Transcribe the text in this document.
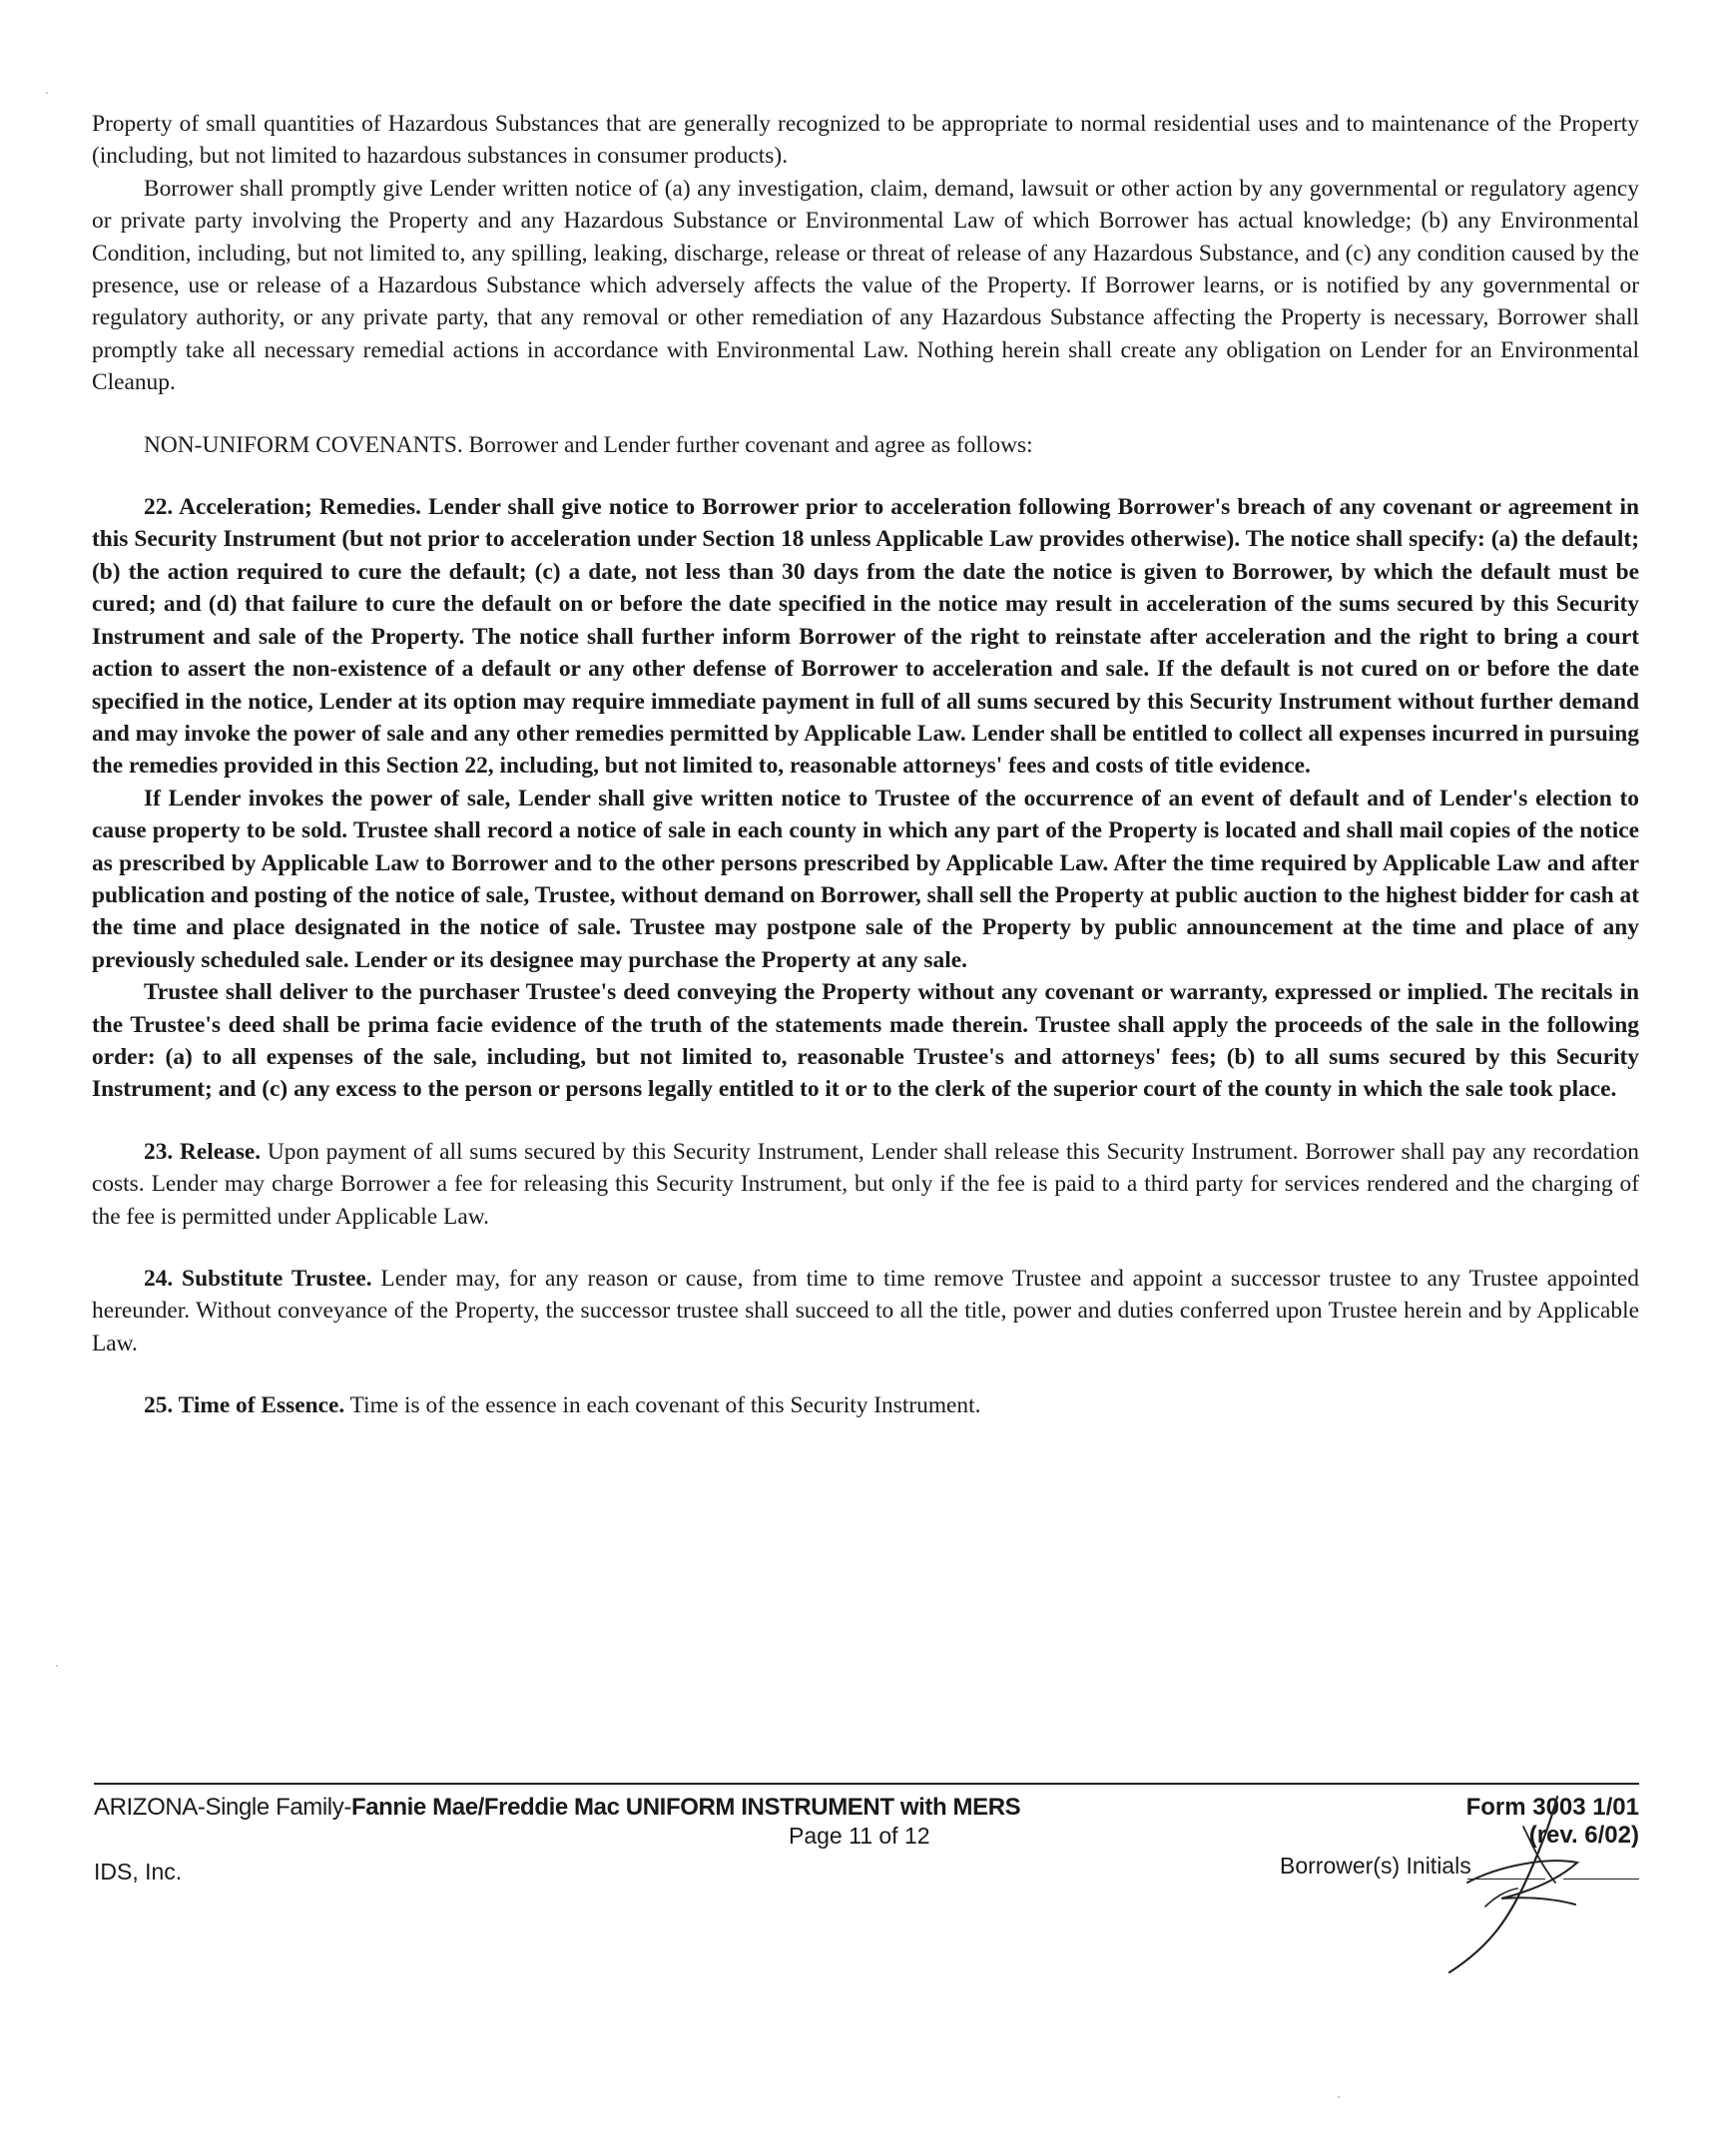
Property of small quantities of Hazardous Substances that are generally recognized to be appropriate to normal residential uses and to maintenance of the Property (including, but not limited to hazardous substances in consumer products).

Borrower shall promptly give Lender written notice of (a) any investigation, claim, demand, lawsuit or other action by any governmental or regulatory agency or private party involving the Property and any Hazardous Substance or Environmental Law of which Borrower has actual knowledge; (b) any Environmental Condition, including, but not limited to, any spilling, leaking, discharge, release or threat of release of any Hazardous Substance, and (c) any condition caused by the presence, use or release of a Hazardous Substance which adversely affects the value of the Property. If Borrower learns, or is notified by any governmental or regulatory authority, or any private party, that any removal or other remediation of any Hazardous Substance affecting the Property is necessary, Borrower shall promptly take all necessary remedial actions in accordance with Environmental Law. Nothing herein shall create any obligation on Lender for an Environmental Cleanup.

NON-UNIFORM COVENANTS. Borrower and Lender further covenant and agree as follows:

22. Acceleration; Remedies. Lender shall give notice to Borrower prior to acceleration following Borrower's breach of any covenant or agreement in this Security Instrument (but not prior to acceleration under Section 18 unless Applicable Law provides otherwise). The notice shall specify: (a) the default; (b) the action required to cure the default; (c) a date, not less than 30 days from the date the notice is given to Borrower, by which the default must be cured; and (d) that failure to cure the default on or before the date specified in the notice may result in acceleration of the sums secured by this Security Instrument and sale of the Property. The notice shall further inform Borrower of the right to reinstate after acceleration and the right to bring a court action to assert the non-existence of a default or any other defense of Borrower to acceleration and sale. If the default is not cured on or before the date specified in the notice, Lender at its option may require immediate payment in full of all sums secured by this Security Instrument without further demand and may invoke the power of sale and any other remedies permitted by Applicable Law. Lender shall be entitled to collect all expenses incurred in pursuing the remedies provided in this Section 22, including, but not limited to, reasonable attorneys' fees and costs of title evidence.

If Lender invokes the power of sale, Lender shall give written notice to Trustee of the occurrence of an event of default and of Lender's election to cause property to be sold. Trustee shall record a notice of sale in each county in which any part of the Property is located and shall mail copies of the notice as prescribed by Applicable Law to Borrower and to the other persons prescribed by Applicable Law. After the time required by Applicable Law and after publication and posting of the notice of sale, Trustee, without demand on Borrower, shall sell the Property at public auction to the highest bidder for cash at the time and place designated in the notice of sale. Trustee may postpone sale of the Property by public announcement at the time and place of any previously scheduled sale. Lender or its designee may purchase the Property at any sale.

Trustee shall deliver to the purchaser Trustee's deed conveying the Property without any covenant or warranty, expressed or implied. The recitals in the Trustee's deed shall be prima facie evidence of the truth of the statements made therein. Trustee shall apply the proceeds of the sale in the following order: (a) to all expenses of the sale, including, but not limited to, reasonable Trustee's and attorneys' fees; (b) to all sums secured by this Security Instrument; and (c) any excess to the person or persons legally entitled to it or to the clerk of the superior court of the county in which the sale took place.

23. Release. Upon payment of all sums secured by this Security Instrument, Lender shall release this Security Instrument. Borrower shall pay any recordation costs. Lender may charge Borrower a fee for releasing this Security Instrument, but only if the fee is paid to a third party for services rendered and the charging of the fee is permitted under Applicable Law.

24. Substitute Trustee. Lender may, for any reason or cause, from time to time remove Trustee and appoint a successor trustee to any Trustee appointed hereunder. Without conveyance of the Property, the successor trustee shall succeed to all the title, power and duties conferred upon Trustee herein and by Applicable Law.

25. Time of Essence. Time is of the essence in each covenant of this Security Instrument.

ARIZONA-Single Family-Fannie Mae/Freddie Mac UNIFORM INSTRUMENT with MERS
Page 11 of 12
IDS, Inc.
Form 3003 1/01
(rev. 6/02)
Borrower(s) Initials
